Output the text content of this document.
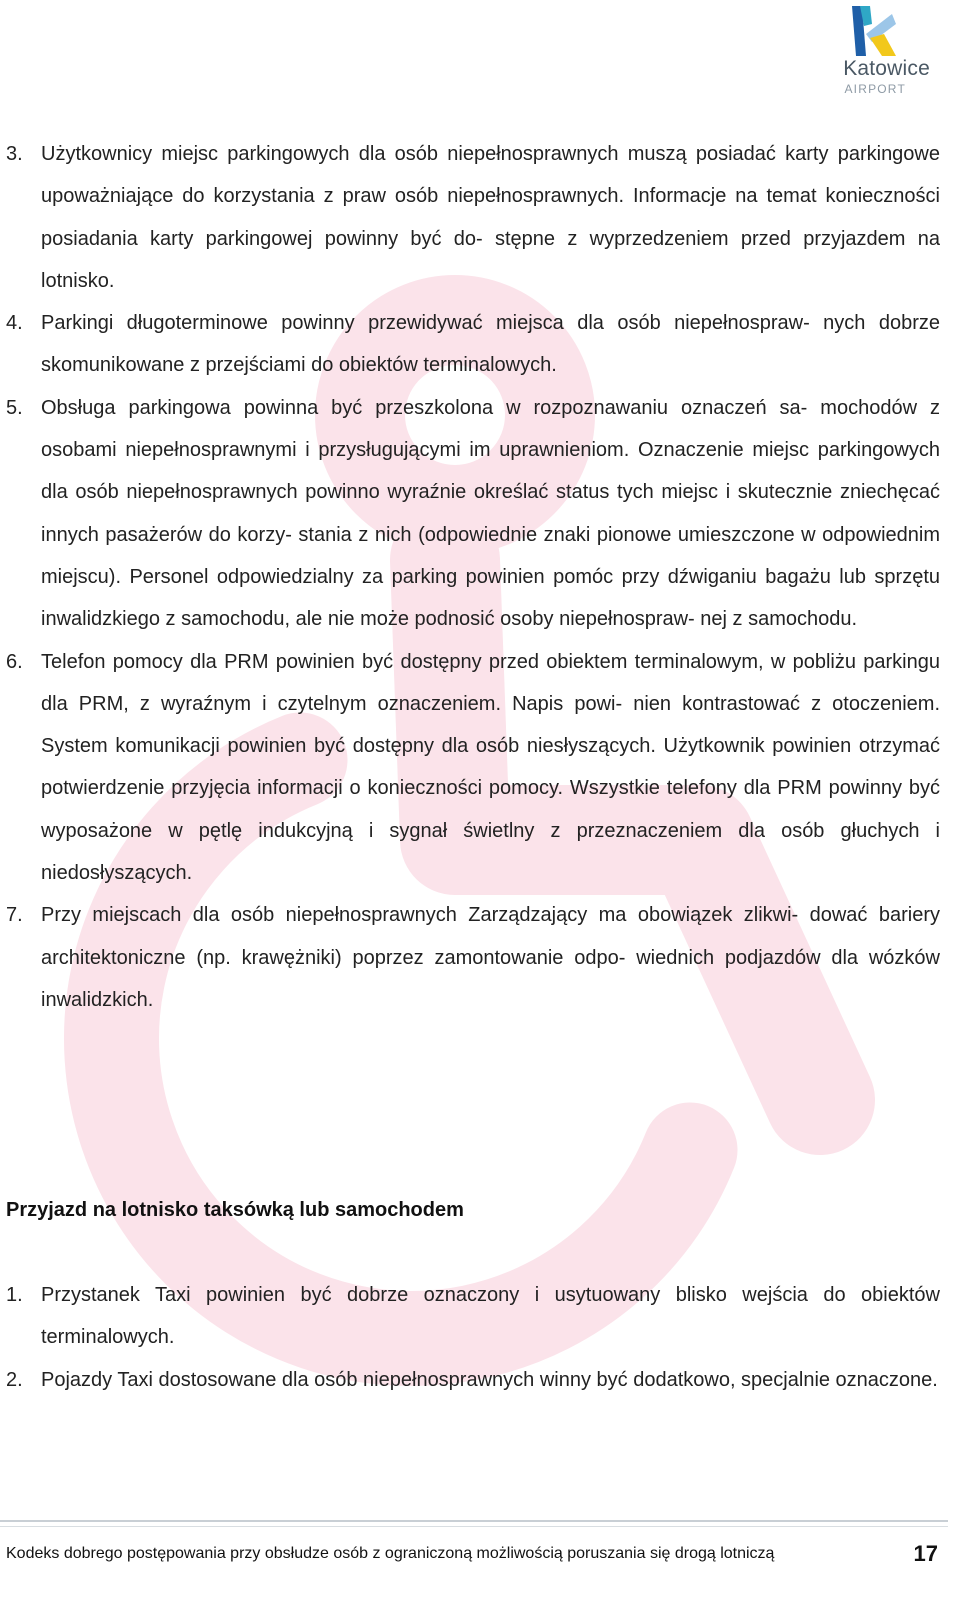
Katowice
AIRPORT
3. Użytkownicy miejsc parkingowych dla osób niepełnosprawnych muszą posiadać karty parkingowe upoważniające do korzystania z praw osób niepełnosprawnych. Informacje na temat konieczności posiadania karty parkingowej powinny być do- stępne z wyprzedzeniem przed przyjazdem na lotnisko.

4. Parkingi długoterminowe powinny przewidywać miejsca dla osób niepełnospraw- nych dobrze skomunikowane z przejściami do obiektów terminalowych.

5. Obsługa parkingowa powinna być przeszkolona w rozpoznawaniu oznaczeń sa- mochodów z osobami niepełnosprawnymi i przysługującymi im uprawnieniom. Oznaczenie miejsc parkingowych dla osób niepełnosprawnych powinno wyraźnie określać status tych miejsc i skutecznie zniechęcać innych pasażerów do korzy- stania z nich (odpowiednie znaki pionowe umieszczone w odpowiednim miejscu). Personel odpowiedzialny za parking powinien pomóc przy dźwiganiu bagażu lub sprzętu inwalidzkiego z samochodu, ale nie może podnosić osoby niepełnospraw- nej z samochodu.

6. Telefon pomocy dla PRM powinien być dostępny przed obiektem terminalowym, w pobliżu parkingu dla PRM, z wyraźnym i czytelnym oznaczeniem. Napis powi- nien kontrastować z otoczeniem. System komunikacji powinien być dostępny dla osób niesłyszących. Użytkownik powinien otrzymać potwierdzenie przyjęcia informacji o konieczności pomocy. Wszystkie telefony dla PRM powinny być wyposażone w pętlę indukcyjną i sygnał świetlny z przeznaczeniem dla osób głuchych i niedosłyszących.

7. Przy miejscach dla osób niepełnosprawnych Zarządzający ma obowiązek zlikwi- dować bariery architektoniczne (np. krawężniki) poprzez zamontowanie odpo- wiednich podjazdów dla wózków inwalidzkich.

Przyjazd na lotnisko taksówką lub samochodem
1. Przystanek Taxi powinien być dobrze oznaczony i usytuowany blisko wejścia do obiektów terminalowych.

2. Pojazdy Taxi dostosowane dla osób niepełnosprawnych winny być dodatkowo, specjalnie oznaczone.

Kodeks dobrego postępowania przy obsłudze osób z ograniczoną możliwością poruszania się drogą lotniczą	17
